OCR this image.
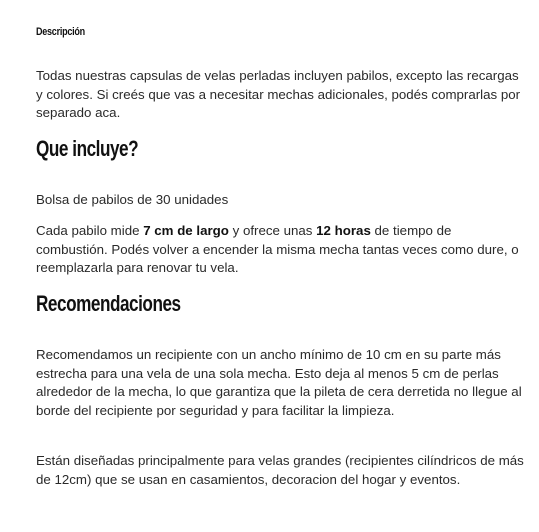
Descripción

Todas nuestras capsulas de velas perladas incluyen pabilos, excepto las recargas y colores. Si creés que vas a necesitar mechas adicionales, podés comprarlas por separado aca.

Que incluye?

Bolsa de pabilos de 30 unidades

Cada pabilo mide 7 cm de largo y ofrece unas 12 horas de tiempo de combustión. Podés volver a encender la misma mecha tantas veces como dure, o reemplazarla para renovar tu vela.

Recomendaciones

Recomendamos un recipiente con un ancho mínimo de 10 cm en su parte más estrecha para una vela de una sola mecha. Esto deja al menos 5 cm de perlas alrededor de la mecha, lo que garantiza que la pileta de cera derretida no llegue al borde del recipiente por seguridad y para facilitar la limpieza.

Están diseñadas principalmente para velas grandes (recipientes cilíndricos de más de 12cm) que se usan en casamientos, decoracion del hogar y eventos.
